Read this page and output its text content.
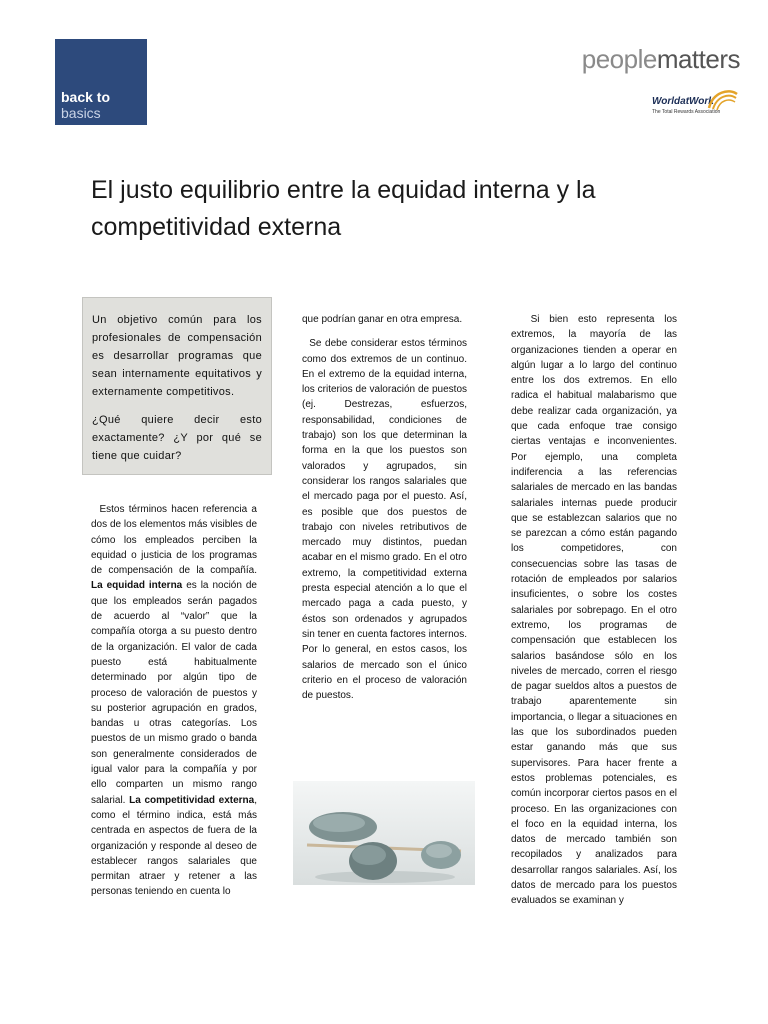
back to
basics
peoplematters
WorldatWork
The Total Rewards Association
El justo equilibrio entre la equidad interna y la competitividad externa

Un objetivo común para los profesionales de compensación es desarrollar programas que sean internamente equitativos y externamente competitivos.

¿Qué quiere decir esto exactamente? ¿Y por qué se tiene que cuidar?

Estos términos hacen referencia a dos de los elementos más visibles de cómo los empleados perciben la equidad o justicia de los programas de compensación de la compañía. La equidad interna es la noción de que los empleados serán pagados de acuerdo al “valor” que la compañía otorga a su puesto dentro de la organización. El valor de cada puesto está habitualmente determinado por algún tipo de proceso de valoración de puestos y su posterior agrupación en grados, bandas u otras categorías. Los puestos de un mismo grado o banda son generalmente considerados de igual valor para la compañía y por ello comparten un mismo rango salarial. La competitividad externa, como el término indica, está más centrada en aspectos de fuera de la organización y responde al deseo de establecer rangos salariales que permitan atraer y retener a las personas teniendo en cuenta lo

que podrían ganar en otra empresa.

Se debe considerar estos términos como dos extremos de un continuo. En el extremo de la equidad interna, los criterios de valoración de puestos (ej. Destrezas, esfuerzos, responsabilidad, condiciones de trabajo) son los que determinan la forma en la que los puestos son valorados y agrupados, sin considerar los rangos salariales que el mercado paga por el puesto. Así, es posible que dos puestos de trabajo con niveles retributivos de mercado muy distintos, puedan acabar en el mismo grado. En el otro extremo, la competitividad externa presta especial atención a lo que el mercado paga a cada puesto, y éstos son ordenados y agrupados sin tener en cuenta factores internos. Por lo general, en estos casos, los salarios de mercado son el único criterio en el proceso de valoración de puestos.

Si bien esto representa los extremos, la mayoría de las organizaciones tienden a operar en algún lugar a lo largo del continuo entre los dos extremos. En ello radica el habitual malabarismo que debe realizar cada organización, ya que cada enfoque trae consigo ciertas ventajas e inconvenientes. Por ejemplo, una completa indiferencia a las referencias salariales de mercado en las bandas salariales internas puede producir que se establezcan salarios que no se parezcan a cómo están pagando los competidores, con consecuencias sobre las tasas de rotación de empleados por salarios insuficientes, o sobre los costes salariales por sobrepago. En el otro extremo, los programas de compensación que establecen los salarios basándose sólo en los niveles de mercado, corren el riesgo de pagar sueldos altos a puestos de trabajo aparentemente sin importancia, o llegar a situaciones en las que los subordinados pueden estar ganando más que sus supervisores. Para hacer frente a estos problemas potenciales, es común incorporar ciertos pasos en el proceso. En las organizaciones con el foco en la equidad interna, los datos de mercado también son recopilados y analizados para desarrollar rangos salariales. Así, los datos de mercado para los puestos evaluados se examinan y
